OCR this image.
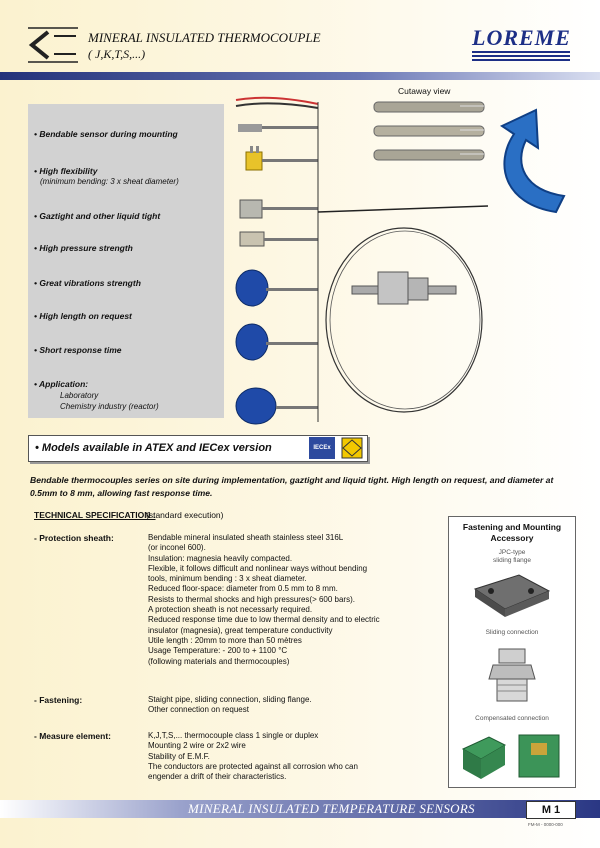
MINERAL INSULATED THERMOCOUPLE
( J,K,T,S,...)
LOREME
• Bendable sensor during mounting
• High flexibility
(minimum bending: 3 x sheat diameter)
• Gaztight and other liquid tight
• High pressure strength
• Great vibrations strength
• High length on request
• Short response time
• Application:
Laboratory
Chemistry industry (reactor)
Cutaway view
• Models available in ATEX and IECex version	IECEx
Bendable thermocouples series on site during implementation, gaztight and liquid tight. High length on request, and diameter at 0.5mm to 8 mm, allowing fast response time.
TECHNICAL SPECIFICATION :
(standard execution)
- Protection sheath:	Bendable mineral insulated sheath stainless steel 316L
(or inconel 600).
Insulation: magnesia heavily compacted.
Flexible, it follows difficult and nonlinear ways without bending
tools, minimum bending : 3 x sheat diameter.
Reduced floor-space: diameter from 0.5 mm to 8 mm.
Resists to thermal shocks and high pressures(> 600 bars).
A protection sheath is not necessarly required.
Reduced response time due to low thermal density and to electric
insulator (magnesia), great temperature conductivity
Utile length : 20mm to more than 50 mètres
Usage Temperature: - 200 to + 1100 °C
(following materials and thermocouples)
- Fastening:	Staight pipe, sliding connection, sliding flange.
Other connection on request
- Measure element:	K,J,T,S,... thermocouple class 1 single or duplex
Mounting 2 wire or 2x2 wire
Stability of E.M.F.
The conductors are protected against all corrosion who can
engender a drift of their characteristics.
Fastening and Mounting
Accessory
JPC-type
sliding flange
Sliding connection
Compensated connection
MINERAL INSULATED TEMPERATURE SENSORS	M 1
FM-M - 0000-000
